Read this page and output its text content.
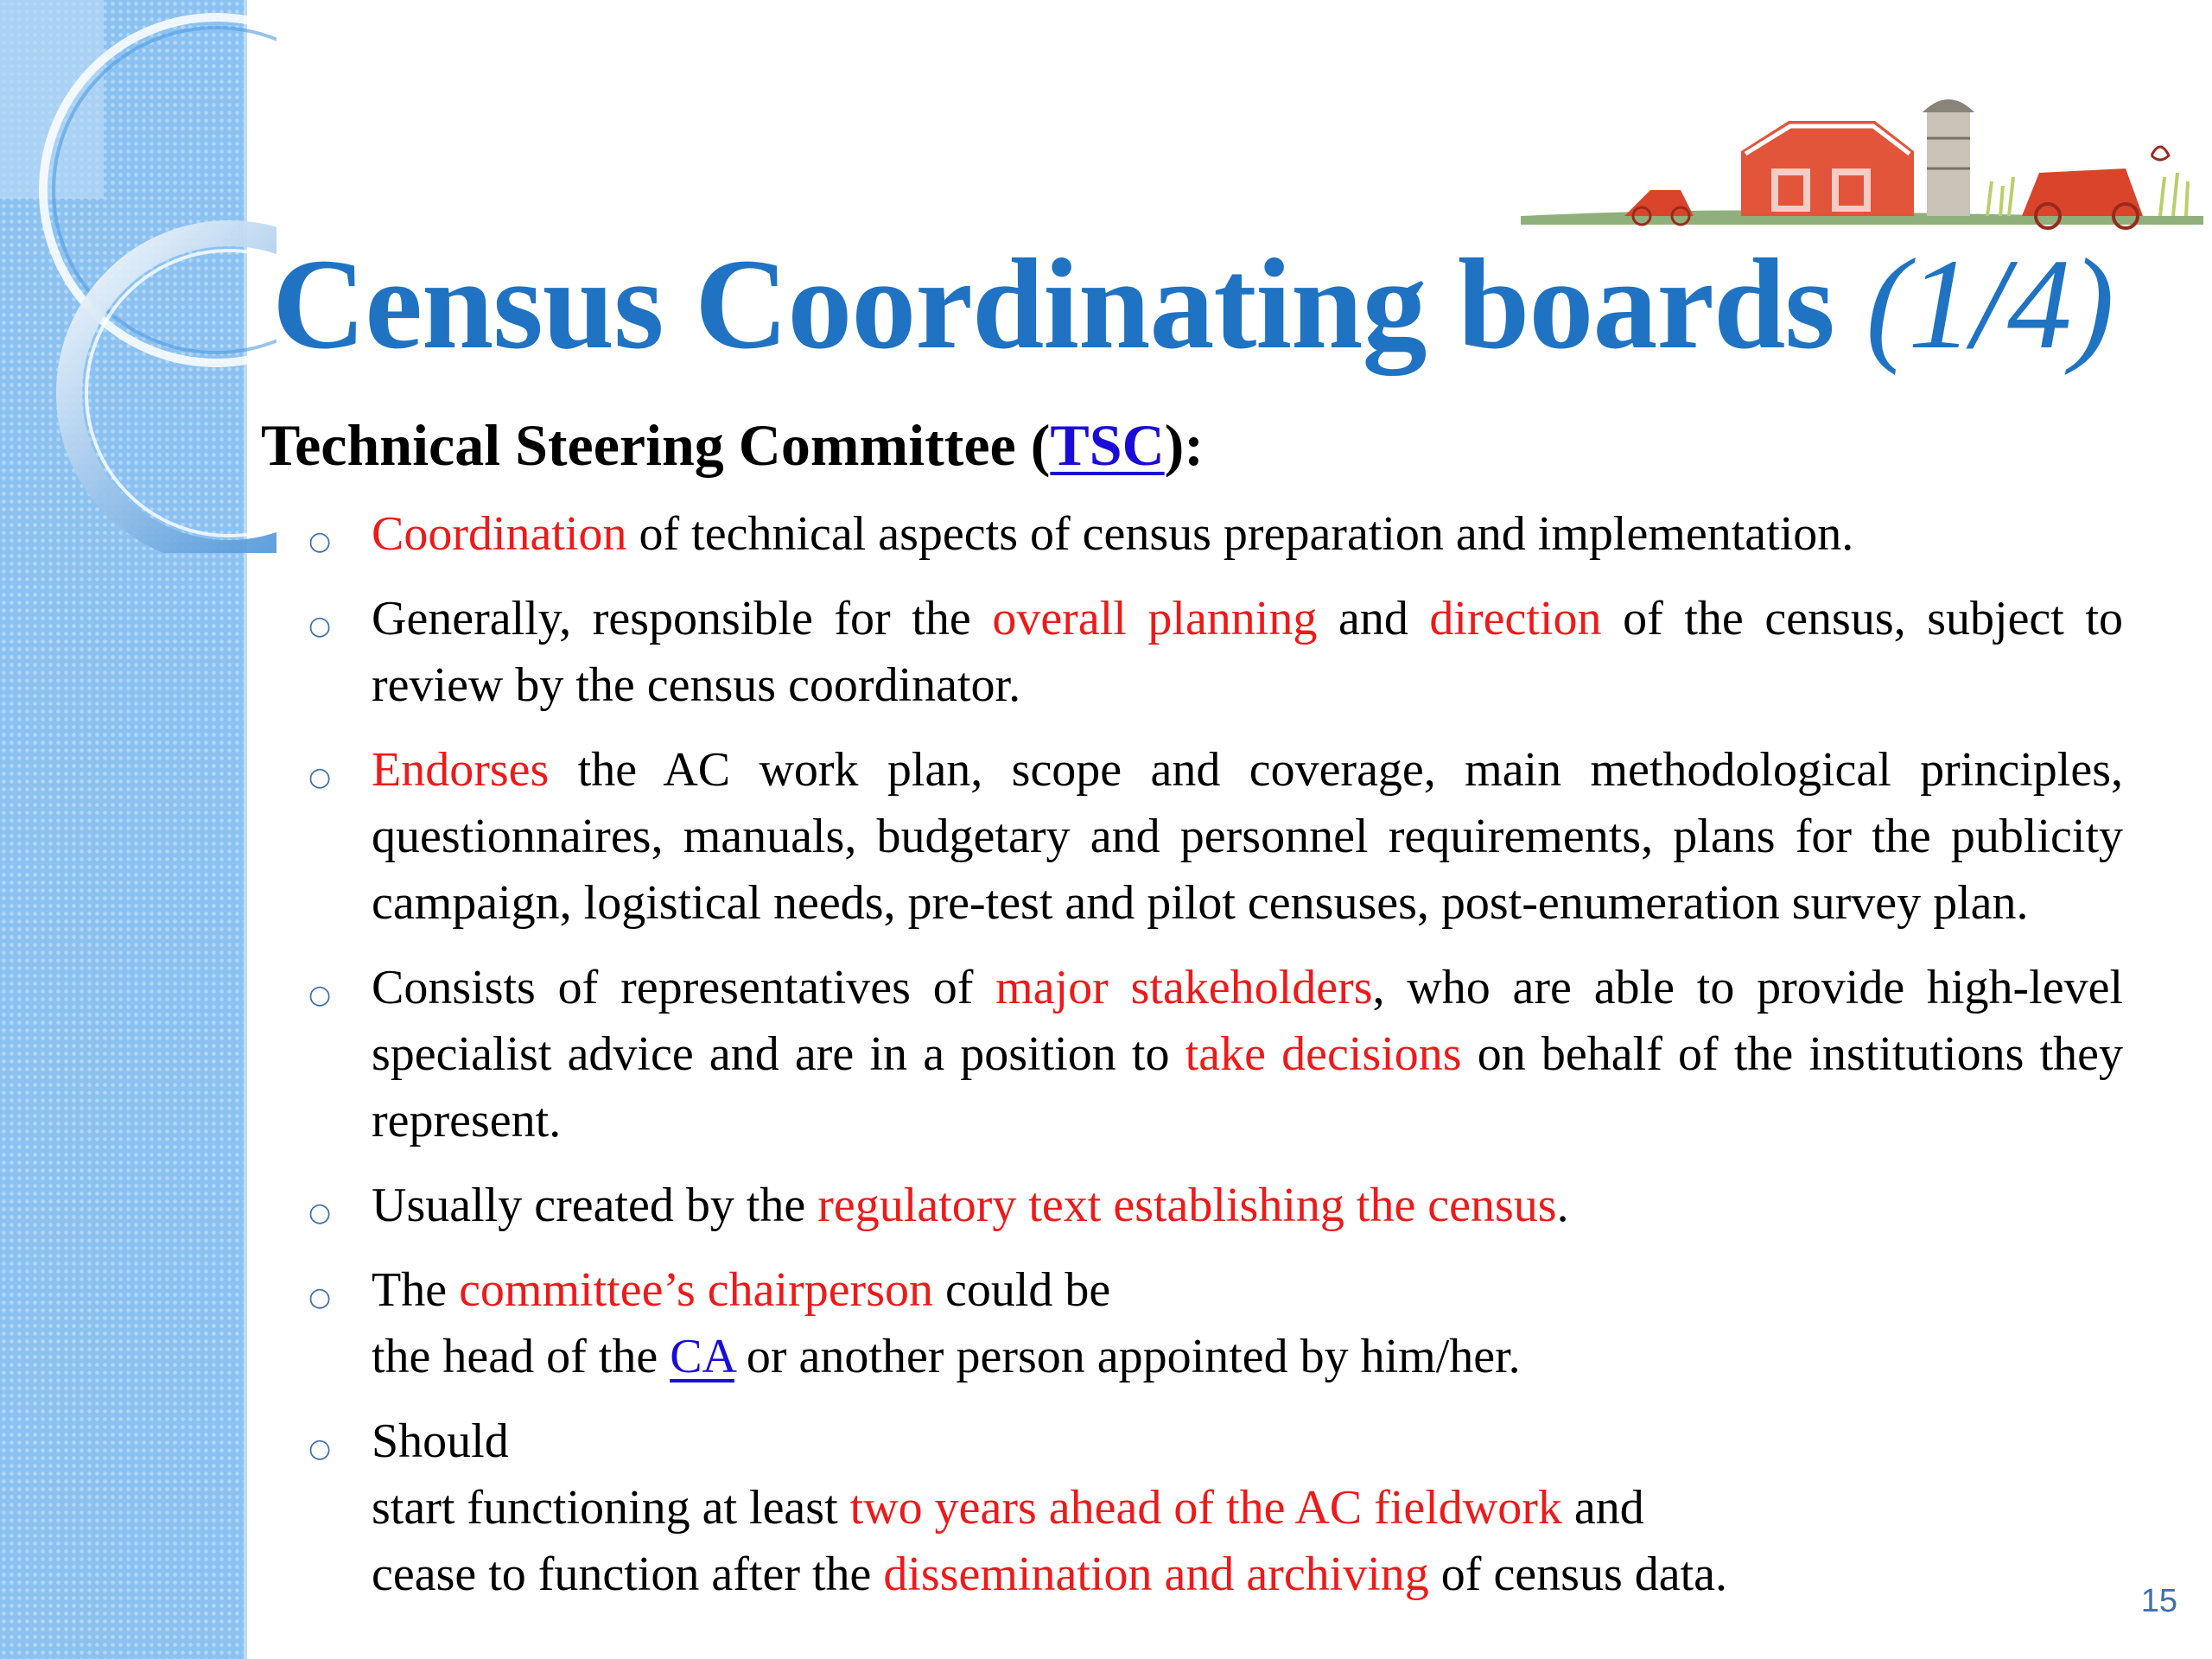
Census Coordinating boards (1/4)
Technical Steering Committee (TSC):
○ Coordination of technical aspects of census preparation and implementation.
○ Generally, responsible for the overall planning and direction of the census, subject to review by the census coordinator.
○ Endorses the AC work plan, scope and coverage, main methodological principles, questionnaires, manuals, budgetary and personnel requirements, plans for the publicity campaign, logistical needs, pre-test and pilot censuses, post-enumeration survey plan.
○ Consists of representatives of major stakeholders, who are able to provide high-level specialist advice and are in a position to take decisions on behalf of the institutions they represent.
○ Usually created by the regulatory text establishing the census.
○ The committee’s chairperson could be
the head of the CA or another person appointed by him/her.
○ Should
start functioning at least two years ahead of the AC fieldwork and
cease to function after the dissemination and archiving of census data.	15
